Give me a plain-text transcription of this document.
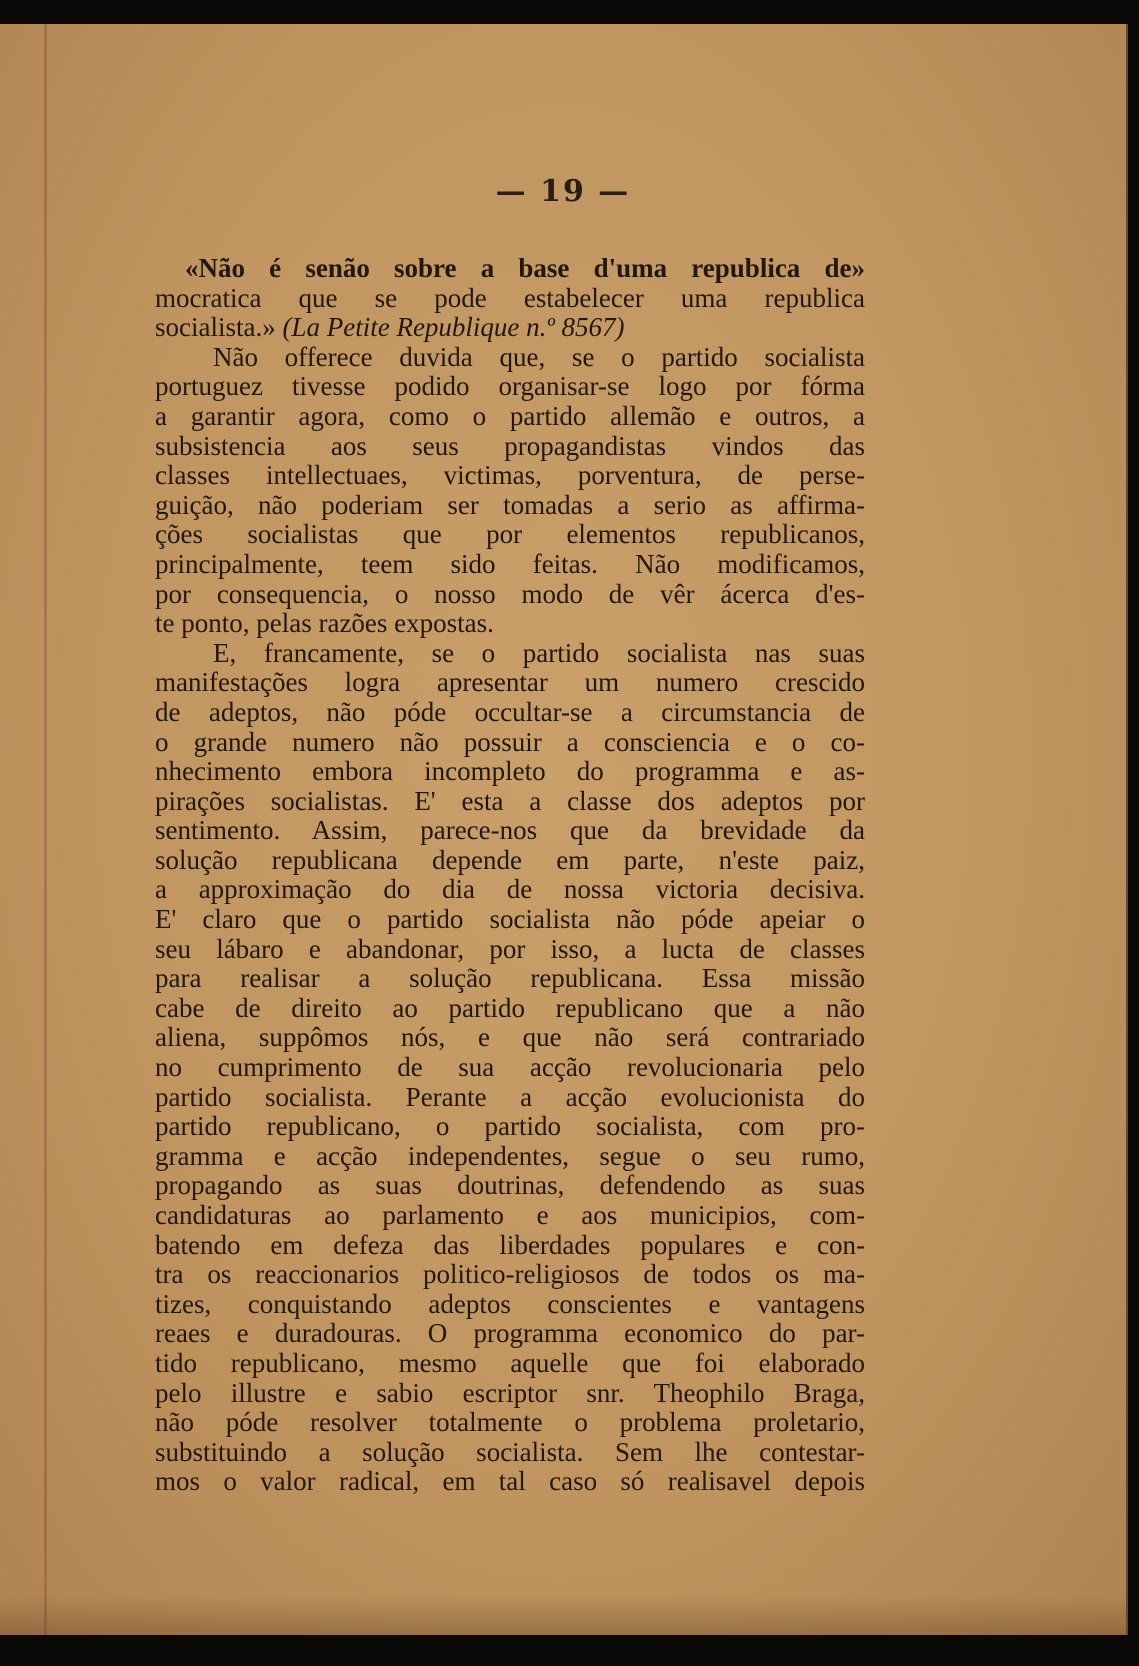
— 19 —
«Não é senão sobre a base d'uma republica de»
mocratica que se pode estabelecer uma republica
socialista.» (La Petite Republique n.º 8567)
Não offerece duvida que, se o partido socialista
portuguez tivesse podido organisar-se logo por fórma
a garantir agora, como o partido allemão e outros, a
subsistencia aos seus propagandistas vindos das
classes intellectuaes, victimas, porventura, de perse-
guição, não poderiam ser tomadas a serio as affirma-
ções socialistas que por elementos republicanos,
principalmente, teem sido feitas. Não modificamos,
por consequencia, o nosso modo de vêr ácerca d'es-
te ponto, pelas razões expostas.
E, francamente, se o partido socialista nas suas
manifestações logra apresentar um numero crescido
de adeptos, não póde occultar-se a circumstancia de
o grande numero não possuir a consciencia e o co-
nhecimento embora incompleto do programma e as-
pirações socialistas. E' esta a classe dos adeptos por
sentimento. Assim, parece-nos que da brevidade da
solução republicana depende em parte, n'este paiz,
a approximação do dia de nossa victoria decisiva.
E' claro que o partido socialista não póde apeiar o
seu lábaro e abandonar, por isso, a lucta de classes
para realisar a solução republicana. Essa missão
cabe de direito ao partido republicano que a não
aliena, suppômos nós, e que não será contrariado
no cumprimento de sua acção revolucionaria pelo
partido socialista. Perante a acção evolucionista do
partido republicano, o partido socialista, com pro-
gramma e acção independentes, segue o seu rumo,
propagando as suas doutrinas, defendendo as suas
candidaturas ao parlamento e aos municipios, com-
batendo em defeza das liberdades populares e con-
tra os reaccionarios politico-religiosos de todos os ma-
tizes, conquistando adeptos conscientes e vantagens
reaes e duradouras. O programma economico do par-
tido republicano, mesmo aquelle que foi elaborado
pelo illustre e sabio escriptor snr. Theophilo Braga,
não póde resolver totalmente o problema proletario,
substituindo a solução socialista. Sem lhe contestar-
mos o valor radical, em tal caso só realisavel depois
